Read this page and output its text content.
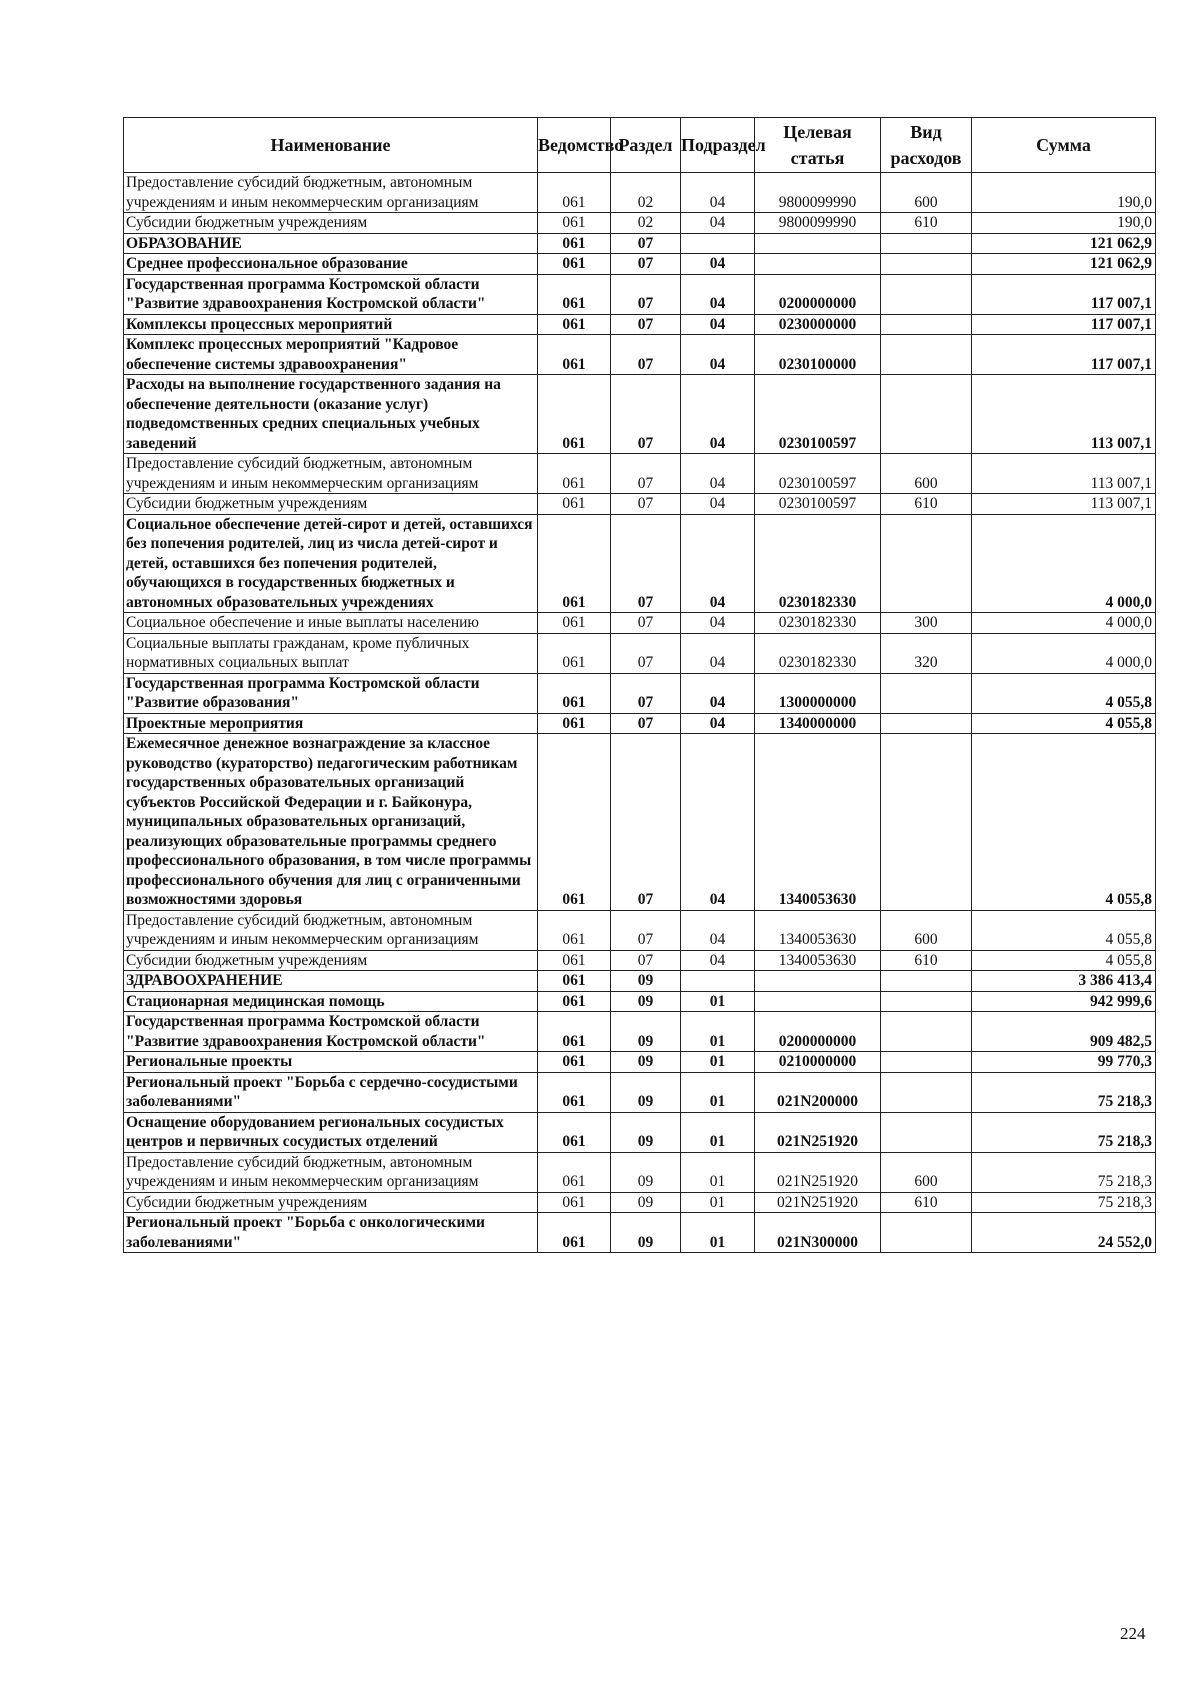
Наименование	Ведомство	Раздел	Подраздел	Целевая статья	Вид расходов	Сумма
Предоставление субсидий бюджетным, автономным учреждениям и иным некоммерческим организациям	061	02	04	9800099990	600	190,0
Субсидии бюджетным учреждениям	061	02	04	9800099990	610	190,0
ОБРАЗОВАНИЕ	061	07				121 062,9
Среднее профессиональное образование	061	07	04			121 062,9
Государственная программа Костромской области "Развитие здравоохранения Костромской области"	061	07	04	0200000000		117 007,1
Комплексы процессных мероприятий	061	07	04	0230000000		117 007,1
Комплекс процессных мероприятий "Кадровое обеспечение системы здравоохранения"	061	07	04	0230100000		117 007,1
Расходы на выполнение государственного задания на обеспечение деятельности (оказание услуг) подведомственных средних специальных учебных заведений	061	07	04	0230100597		113 007,1
Предоставление субсидий бюджетным, автономным учреждениям и иным некоммерческим организациям	061	07	04	0230100597	600	113 007,1
Субсидии бюджетным учреждениям	061	07	04	0230100597	610	113 007,1
Социальное обеспечение детей-сирот и детей, оставшихся без попечения родителей, лиц из числа детей-сирот и детей, оставшихся без попечения родителей, обучающихся в государственных бюджетных и автономных образовательных учреждениях	061	07	04	0230182330		4 000,0
Социальное обеспечение и иные выплаты населению	061	07	04	0230182330	300	4 000,0
Социальные выплаты гражданам, кроме публичных нормативных социальных выплат	061	07	04	0230182330	320	4 000,0
Государственная программа Костромской области "Развитие образования"	061	07	04	1300000000		4 055,8
Проектные мероприятия	061	07	04	1340000000		4 055,8
Ежемесячное денежное вознаграждение за классное руководство (кураторство) педагогическим работникам государственных образовательных организаций субъектов Российской Федерации и г. Байконура, муниципальных образовательных организаций, реализующих образовательные программы среднего профессионального образования, в том числе программы профессионального обучения для лиц с ограниченными возможностями здоровья	061	07	04	1340053630		4 055,8
Предоставление субсидий бюджетным, автономным учреждениям и иным некоммерческим организациям	061	07	04	1340053630	600	4 055,8
Субсидии бюджетным учреждениям	061	07	04	1340053630	610	4 055,8
ЗДРАВООХРАНЕНИЕ	061	09				3 386 413,4
Стационарная медицинская помощь	061	09	01			942 999,6
Государственная программа Костромской области "Развитие здравоохранения Костромской области"	061	09	01	0200000000		909 482,5
Региональные проекты	061	09	01	0210000000		99 770,3
Региональный проект "Борьба с сердечно-сосудистыми заболеваниями"	061	09	01	021N200000		75 218,3
Оснащение оборудованием региональных сосудистых центров и первичных сосудистых отделений	061	09	01	021N251920		75 218,3
Предоставление субсидий бюджетным, автономным учреждениям и иным некоммерческим организациям	061	09	01	021N251920	600	75 218,3
Субсидии бюджетным учреждениям	061	09	01	021N251920	610	75 218,3
Региональный проект "Борьба с онкологическими заболеваниями"	061	09	01	021N300000		24 552,0
224
